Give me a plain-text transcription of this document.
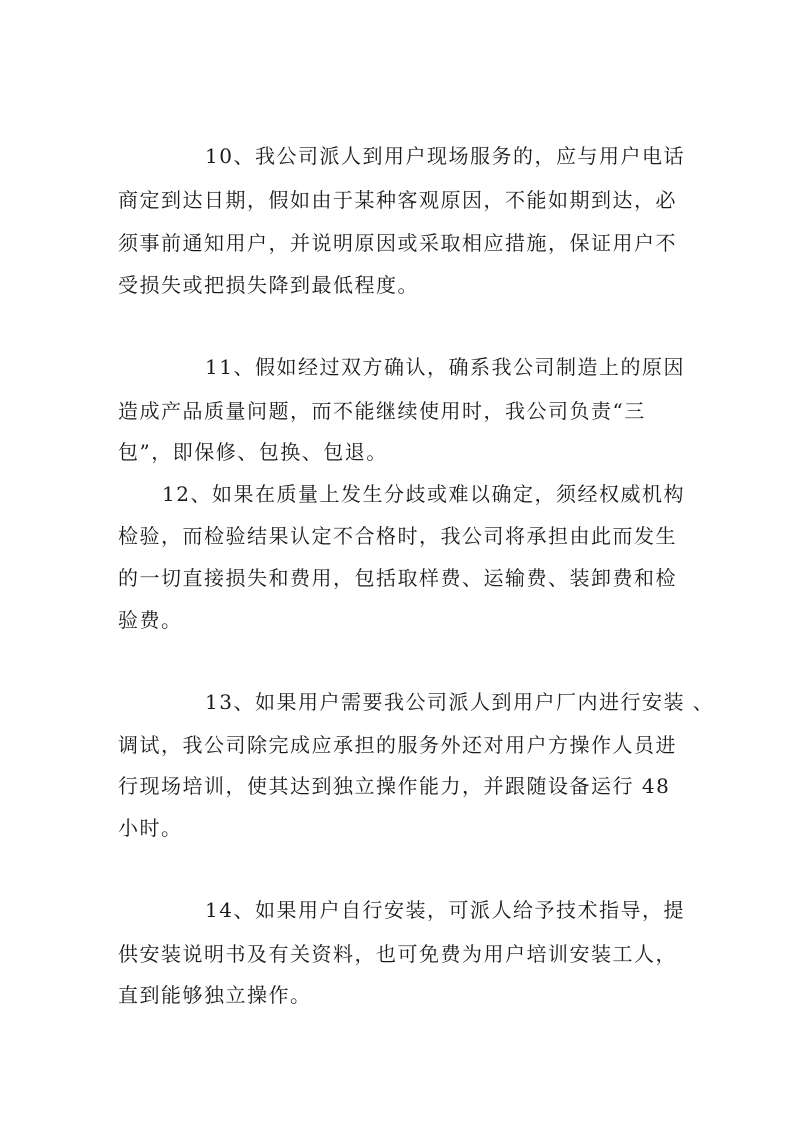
10、我公司派人到用户现场服务的，应与用户电话
商定到达日期，假如由于某种客观原因，不能如期到达，必
须事前通知用户，并说明原因或采取相应措施，保证用户不
受损失或把损失降到最低程度。
11、假如经过双方确认，确系我公司制造上的原因
造成产品质量问题，而不能继续使用时，我公司负责“三
包”，即保修、包换、包退。
12、如果在质量上发生分歧或难以确定，须经权威机构
检验，而检验结果认定不合格时，我公司将承担由此而发生
的一切直接损失和费用，包括取样费、运输费、装卸费和检
验费。
13、如果用户需要我公司派人到用户厂内进行安装 、
调试，我公司除完成应承担的服务外还对用户方操作人员进
行现场培训，使其达到独立操作能力，并跟随设备运行 48
小时。
14、如果用户自行安装，可派人给予技术指导，提
供安装说明书及有关资料，也可免费为用户培训安装工人，
直到能够独立操作。
